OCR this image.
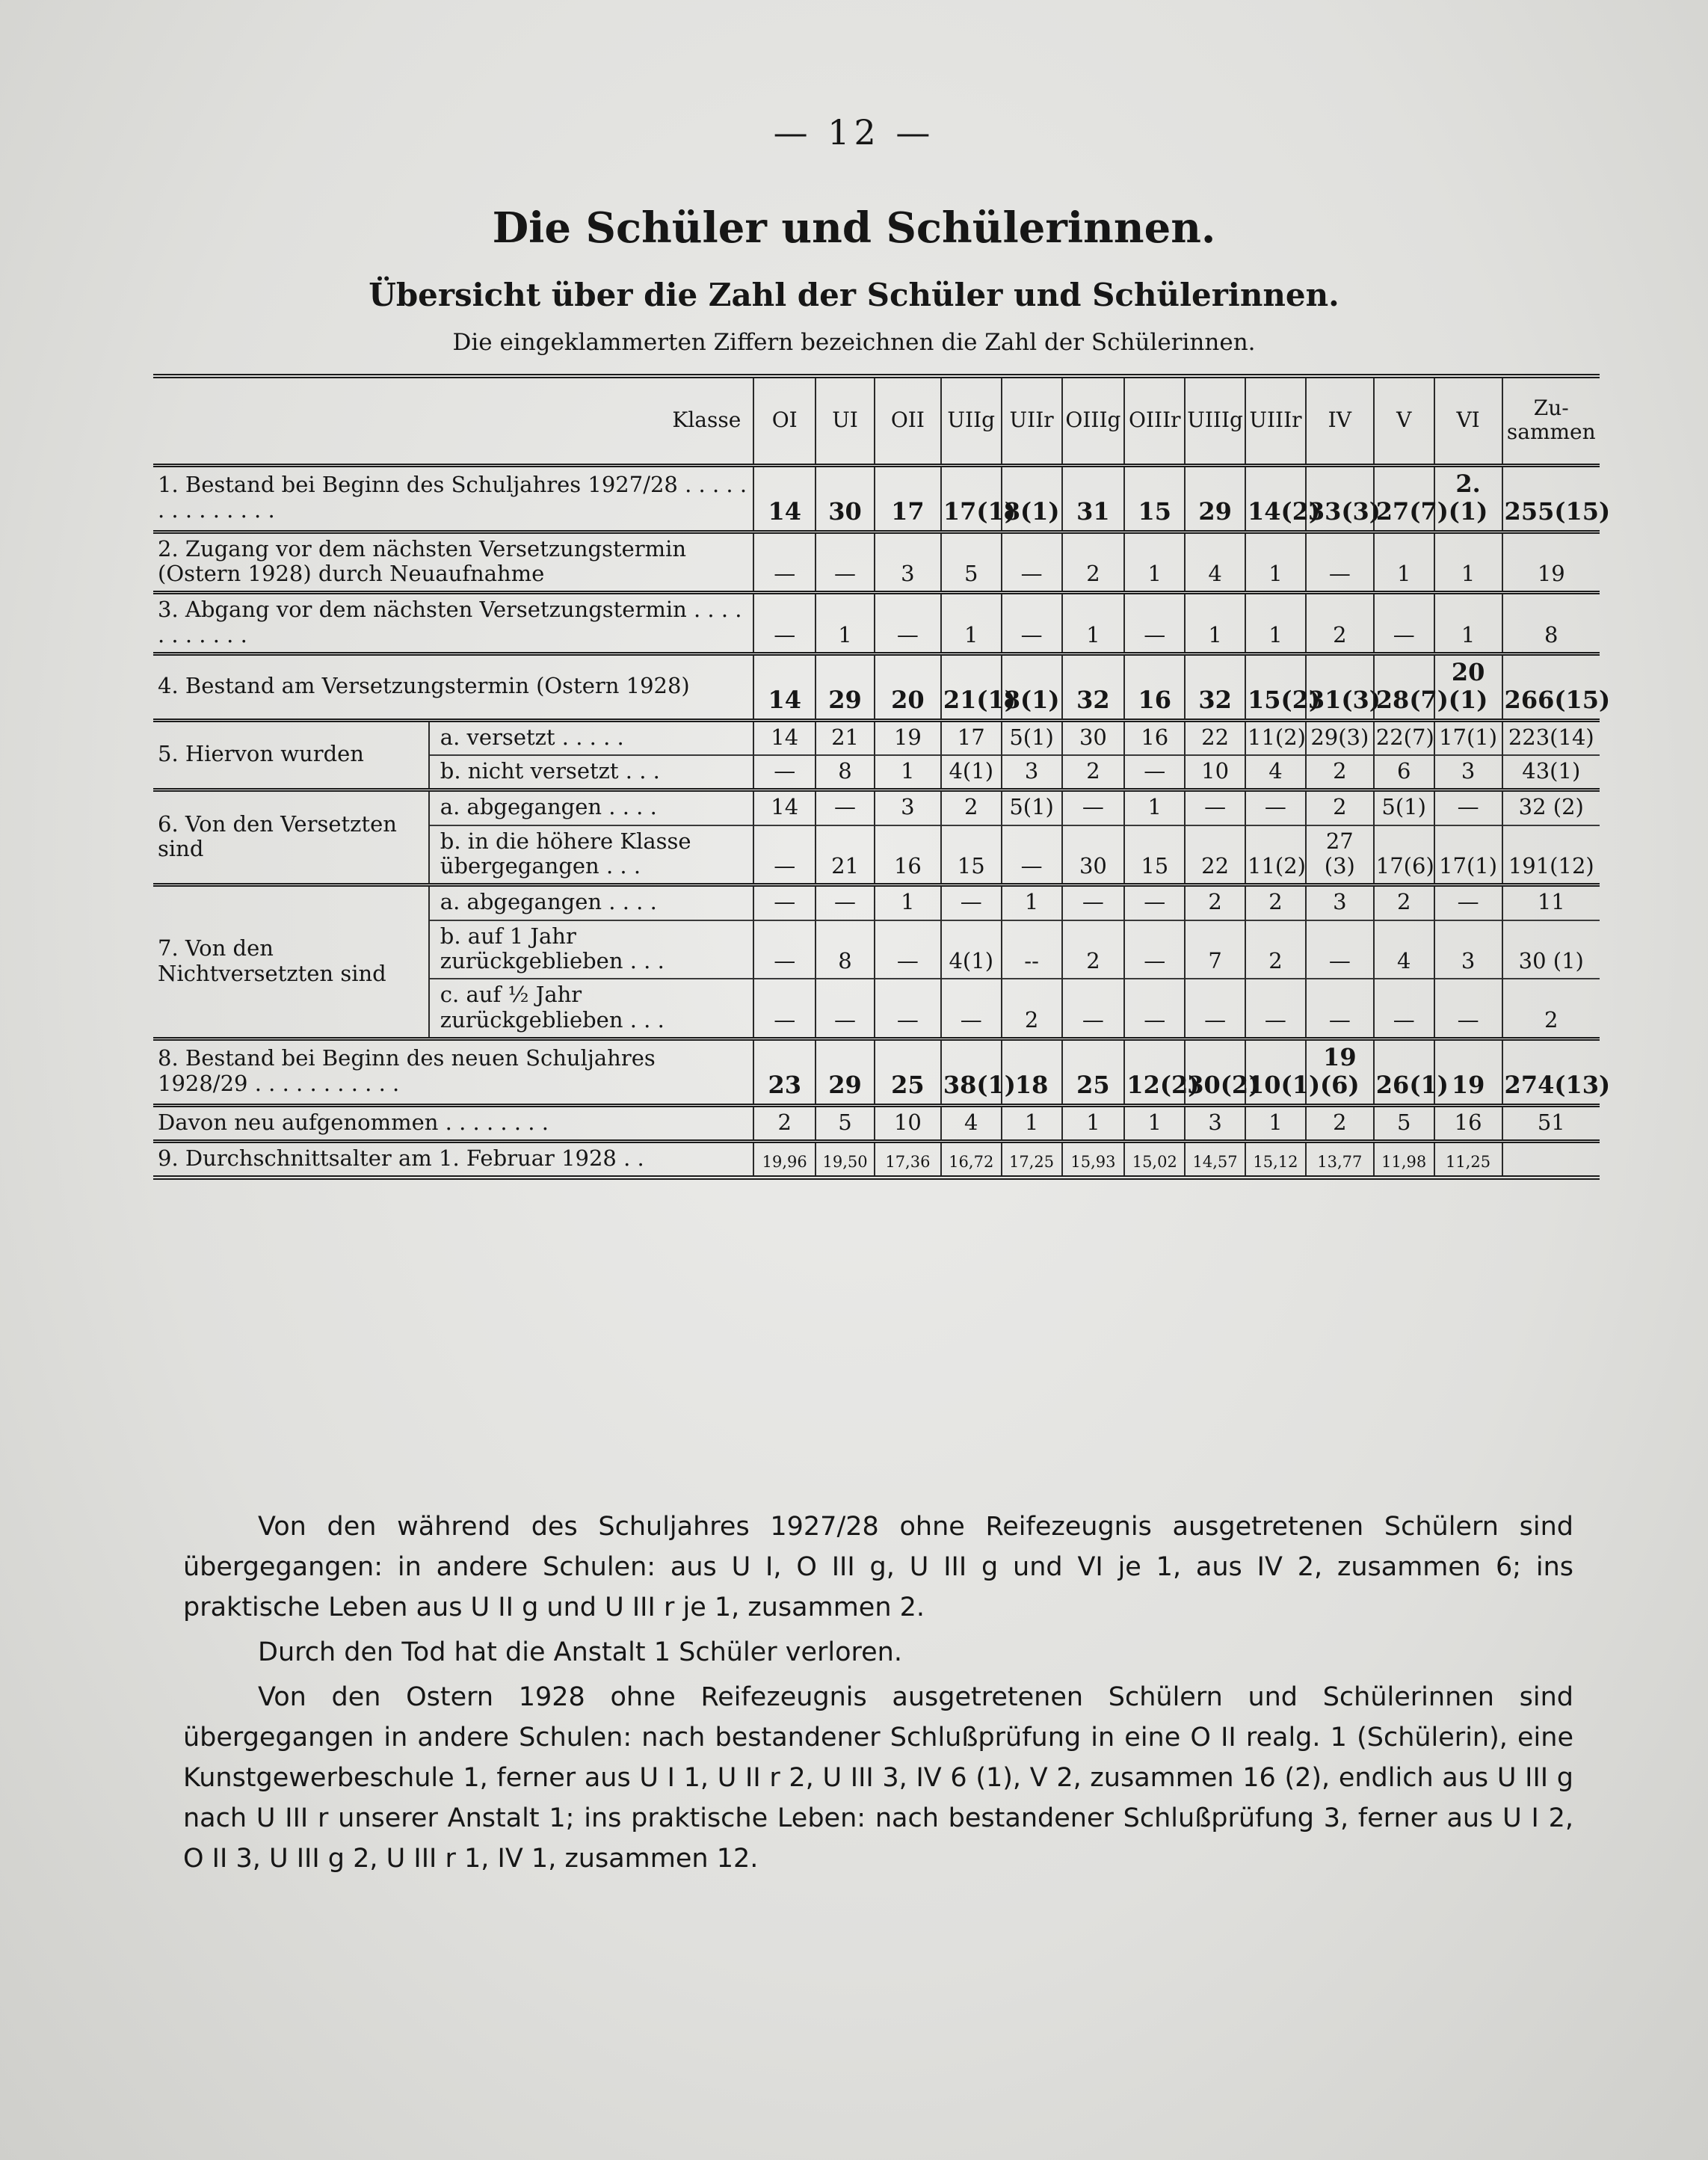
— 12 —
Die Schüler und Schülerinnen.
Übersicht über die Zahl der Schüler und Schülerinnen.
Die eingeklammerten Ziffern bezeichnen die Zahl der Schülerinnen.
Klasse		OI	UI	OII	UIIg	UIIr	OIIIg	OIIIr	UIIIg	UIIIr	IV	V	VI	Zu-sammen
1. Bestand bei Beginn des Schuljahres 1927/28 . . . . . . . . . . . . . .		14	30	17	17(1)	8(1)	31	15	29	14(2)	33(3)	27(7)	2.(1)	255(15)
2. Zugang vor dem nächsten Versetzungstermin (Ostern 1928) durch Neuaufnahme		—	—	3	5	—	2	1	4	1	—	1	1	19
3. Abgang vor dem nächsten Versetzungstermin . . . . . . . . . . .		—	1	—	1	—	1	—	1	1	2	—	1	8
4. Bestand am Versetzungstermin (Ostern 1928)		14	29	20	21(1)	8(1)	32	16	32	15(2)	31(3)	28(7)	20 (1)	266(15)
5. Hiervon wurden	a. versetzt . . . . .	14	21	19	17	5(1)	30	16	22	11(2)	29(3)	22(7)	17(1)	223(14)
	b. nicht versetzt . . .	—	8	1	4(1)	3	2	—	10	4	2	6	3	43(1)
6. Von den Versetzten sind	a. abgegangen . . . .	14	—	3	2	5(1)	—	1	—	—	2	5(1)	—	32 (2)
	b. in die höhere Klasse übergegangen . . .	—	21	16	15	—	30	15	22	11(2)	27 (3)	17(6)	17(1)	191(12)
7. Von den Nichtversetzten sind	a. abgegangen . . . .	—	—	1	—	1	—	—	2	2	3	2	—	11
	b. auf 1 Jahr zurückgeblieben . . .	—	8	—	4(1)	--	2	—	7	2	—	4	3	30 (1)
	c. auf ½ Jahr zurückgeblieben . . .	—	—	—	—	2	—	—	—	—	—	—	—	2
8. Bestand bei Beginn des neuen Schuljahres 1928/29 . . . . . . . . . . .		23	29	25	38(1)	18	25	12(2)	30(2)	10(1)	19 (6)	26(1)	19	274(13)
Davon neu aufgenommen . . . . . . . .		2	5	10	4	1	1	1	3	1	2	5	16	51
9. Durchschnittsalter am 1. Februar 1928 . .		19,96	19,50	17,36	16,72	17,25	15,93	15,02	14,57	15,12	13,77	11,98	11,25	

Von den während des Schuljahres 1927/28 ohne Reifezeugnis ausgetretenen Schülern sind übergegangen: in andere Schulen: aus U I, O III g, U III g und VI je 1, aus IV 2, zusammen 6; ins praktische Leben aus U II g und U III r je 1, zusammen 2.

Durch den Tod hat die Anstalt 1 Schüler verloren.

Von den Ostern 1928 ohne Reifezeugnis ausgetretenen Schülern und Schülerinnen sind übergegangen in andere Schulen: nach bestandener Schlußprüfung in eine O II realg. 1 (Schülerin), eine Kunstgewerbeschule 1, ferner aus U I 1, U II r 2, U III 3, IV 6 (1), V 2, zusammen 16 (2), endlich aus U III g nach U III r unserer Anstalt 1; ins praktische Leben: nach bestandener Schlußprüfung 3, ferner aus U I 2, O II 3, U III g 2, U III r 1, IV 1, zusammen 12.
